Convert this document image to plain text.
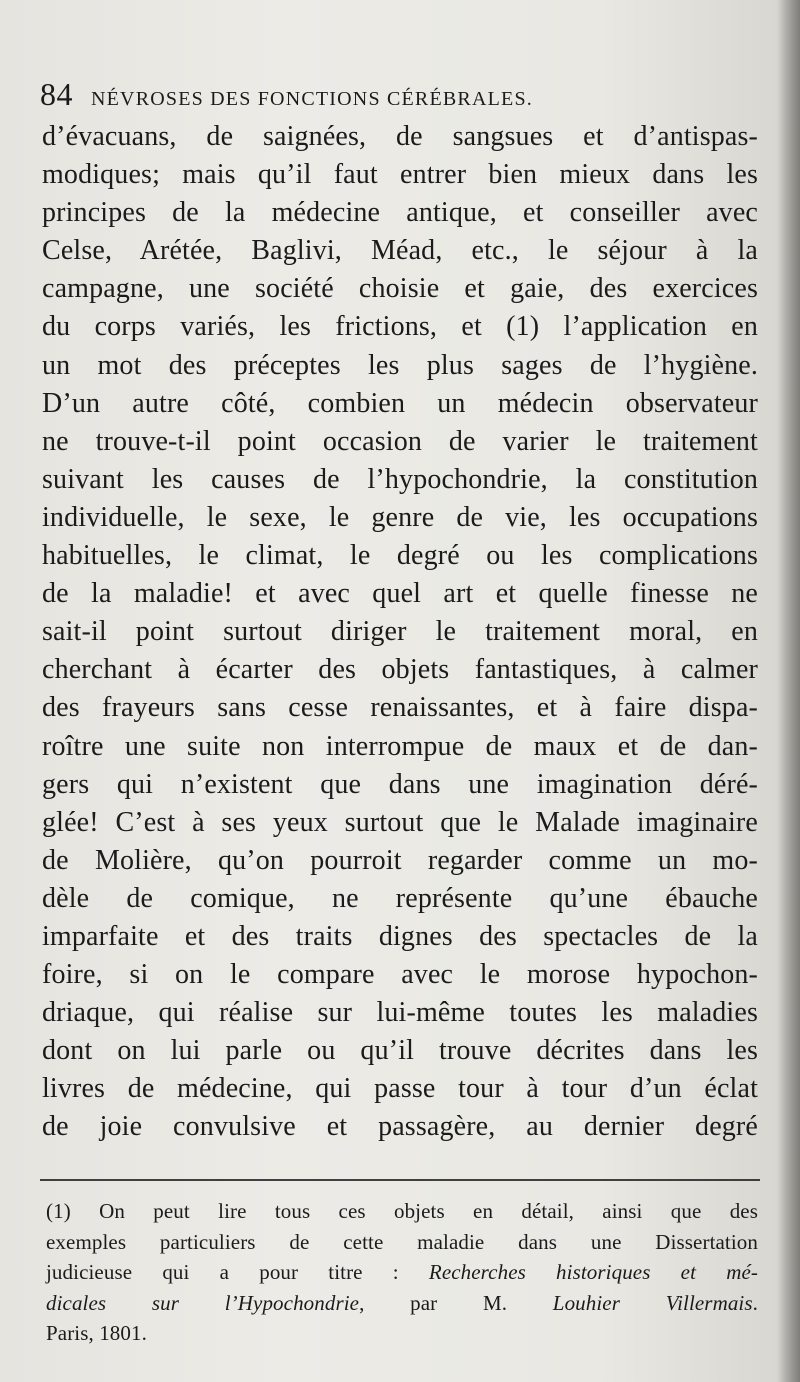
84 NÉVROSES DES FONCTIONS CÉRÉBRALES.
d’évacuans, de saignées, de sangsues et d’antispas-
modiques; mais qu’il faut entrer bien mieux dans les
principes de la médecine antique, et conseiller avec
Celse, Arétée, Baglivi, Méad, etc., le séjour à la
campagne, une société choisie et gaie, des exercices
du corps variés, les frictions, et (1) l’application en
un mot des préceptes les plus sages de l’hygiène.
D’un autre côté, combien un médecin observateur
ne trouve-t-il point occasion de varier le traitement
suivant les causes de l’hypochondrie, la constitution
individuelle, le sexe, le genre de vie, les occupations
habituelles, le climat, le degré ou les complications
de la maladie! et avec quel art et quelle finesse ne
sait-il point surtout diriger le traitement moral, en
cherchant à écarter des objets fantastiques, à calmer
des frayeurs sans cesse renaissantes, et à faire dispa-
roître une suite non interrompue de maux et de dan-
gers qui n’existent que dans une imagination déré-
glée! C’est à ses yeux surtout que le Malade imaginaire
de Molière, qu’on pourroit regarder comme un mo-
dèle de comique, ne représente qu’une ébauche
imparfaite et des traits dignes des spectacles de la
foire, si on le compare avec le morose hypochon-
driaque, qui réalise sur lui-même toutes les maladies
dont on lui parle ou qu’il trouve décrites dans les
livres de médecine, qui passe tour à tour d’un éclat
de joie convulsive et passagère, au dernier degré
(1) On peut lire tous ces objets en détail, ainsi que des
exemples particuliers de cette maladie dans une Dissertation
judicieuse qui a pour titre : Recherches historiques et mé-
dicales sur l’Hypochondrie, par M. Louhier Villermais.
Paris, 1801.
